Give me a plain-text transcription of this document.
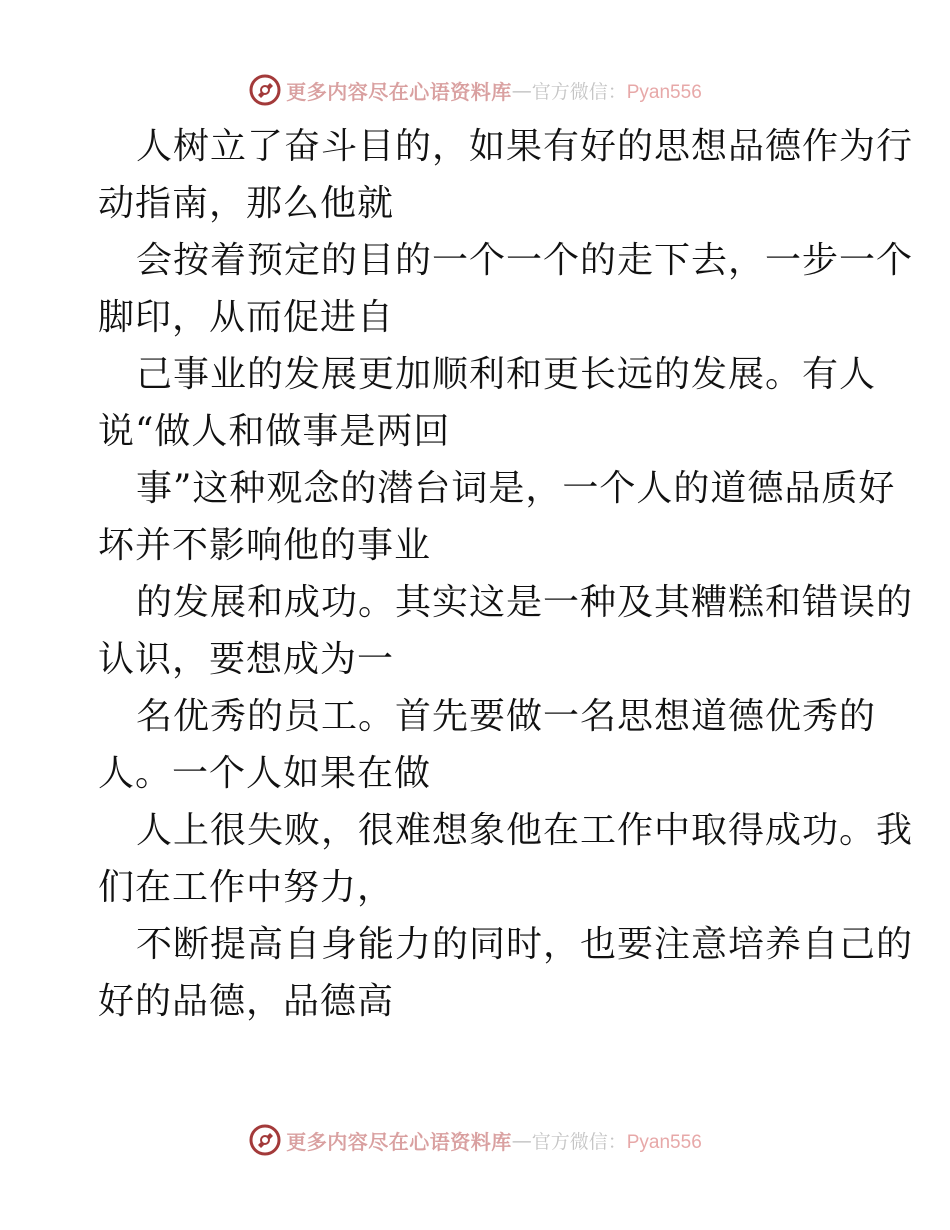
更多内容尽在心语资料库 — 官方微信：Pyan556
人树立了奋斗目的，如果有好的思想品德作为行
动指南，那么他就
会按着预定的目的一个一个的走下去，一步一个
脚印，从而促进自
己事业的发展更加顺利和更长远的发展。有人
说“做人和做事是两回
事”这种观念的潜台词是，一个人的道德品质好
坏并不影响他的事业
的发展和成功。其实这是一种及其糟糕和错误的
认识，要想成为一
名优秀的员工。首先要做一名思想道德优秀的
人。一个人如果在做
人上很失败，很难想象他在工作中取得成功。我
们在工作中努力，
不断提高自身能力的同时，也要注意培养自己的
好的品德，品德高
更多内容尽在心语资料库 — 官方微信：Pyan556
